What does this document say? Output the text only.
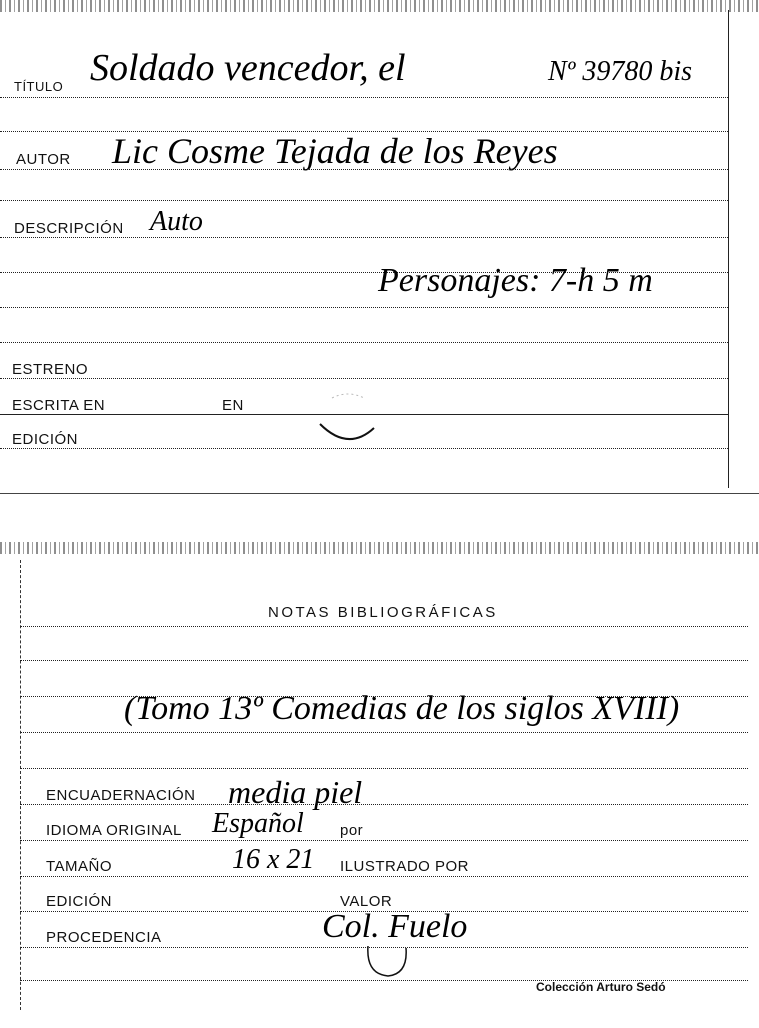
TÍTULO Soldado vencedor, el	Nº 39780 bis
AUTOR Lic Cosme Tejada de los Reyes
DESCRIPCIÓN Auto
Personajes: 7-h 5 m
ESTRENO
ESCRITA EN	EN
EDICIÓN
NOTAS BIBLIOGRÁFICAS
(Tomo 13º Comedias de los siglos XVIII)
ENCUADERNACIÓN media piel
IDIOMA ORIGINAL Español por
TAMAÑO	16 x 21 ILUSTRADO POR
EDICIÓN	VALOR
PROCEDENCIA	Col. Fuelo
Colección Arturo Sedó
